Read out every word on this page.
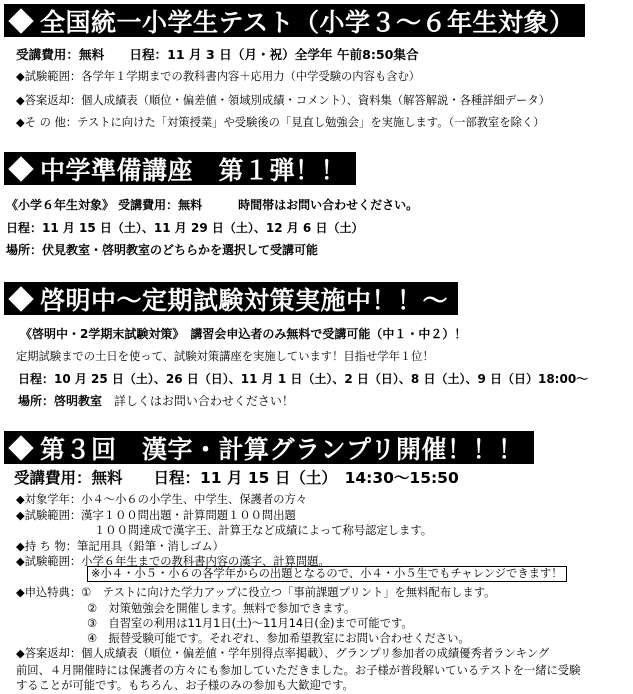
全国統一小学生テスト（小学３～６年生対象）
受講費用：無料　　日程：11 月 3 日（月・祝）全学年 午前8:50集合
◆試験範囲：各学年１学期までの教科書内容＋応用力（中学受験の内容も含む）
◆答案返却：個人成績表（順位・偏差値・領域別成績・コメント）、資料集（解答解説・各種詳細データ）
◆そ の 他：テストに向けた「対策授業」や受験後の「見直し勉強会」を実施します。（一部教室を除く）
中学準備講座　第１弾！！
《小学６年生対象》 受講費用：無料　　　時間帯はお問い合わせください。
日程：11 月 15 日（土）、11 月 29 日（土）、12 月 6 日（土）
場所：伏見教室・啓明教室のどちらかを選択して受講可能
啓明中～定期試験対策実施中！！～
《啓明中・2学期末試験対策》　講習会申込者のみ無料で受講可能（中１・中２）！
定期試験までの土日を使って、試験対策講座を実施しています！目指せ学年１位！
日程：10 月 25 日（土）、26 日（日）、11 月 1 日（土）、2 日（日）、8 日（土）、9 日（日）18:00～
場所：啓明教室 詳しくはお問い合わせください！
第３回　漢字・計算グランプリ開催！！！
受講費用：無料　　日程：11 月 15 日（土）　14:30～15:50
◆対象学年：小４～小６の小学生、中学生、保護者の方々
◆試験範囲：漢字１００問出題・計算問題１００問出題
１００問達成で漢字王、計算王など成績によって称号認定します。
◆持 ち 物：筆記用具（鉛筆・消しゴム）
◆試験範囲：小学６年生までの教科書内容の漢字、計算問題。
※小４・小５・小６の各学年からの出題となるので、小４・小５生でもチャレンジできます！
◆申込特典：①　テストに向けた学力アップに役立つ「事前課題プリント」を無料配布します。
②　対策勉強会を開催します。無料で参加できます。
③　自習室の利用は11月1日(土)～11月14日(金)まで可能です。
④　振替受験可能です。それぞれ、参加希望教室にお問い合わせください。
◆答案返却：個人成績表（順位・偏差値・学年別得点率掲載）、グランプリ参加者の成績優秀者ランキング
前回、４月開催時には保護者の方々にも参加していただきました。お子様が普段解いているテストを一緒に受験
することが可能です。もちろん、お子様のみの参加も大歓迎です。
